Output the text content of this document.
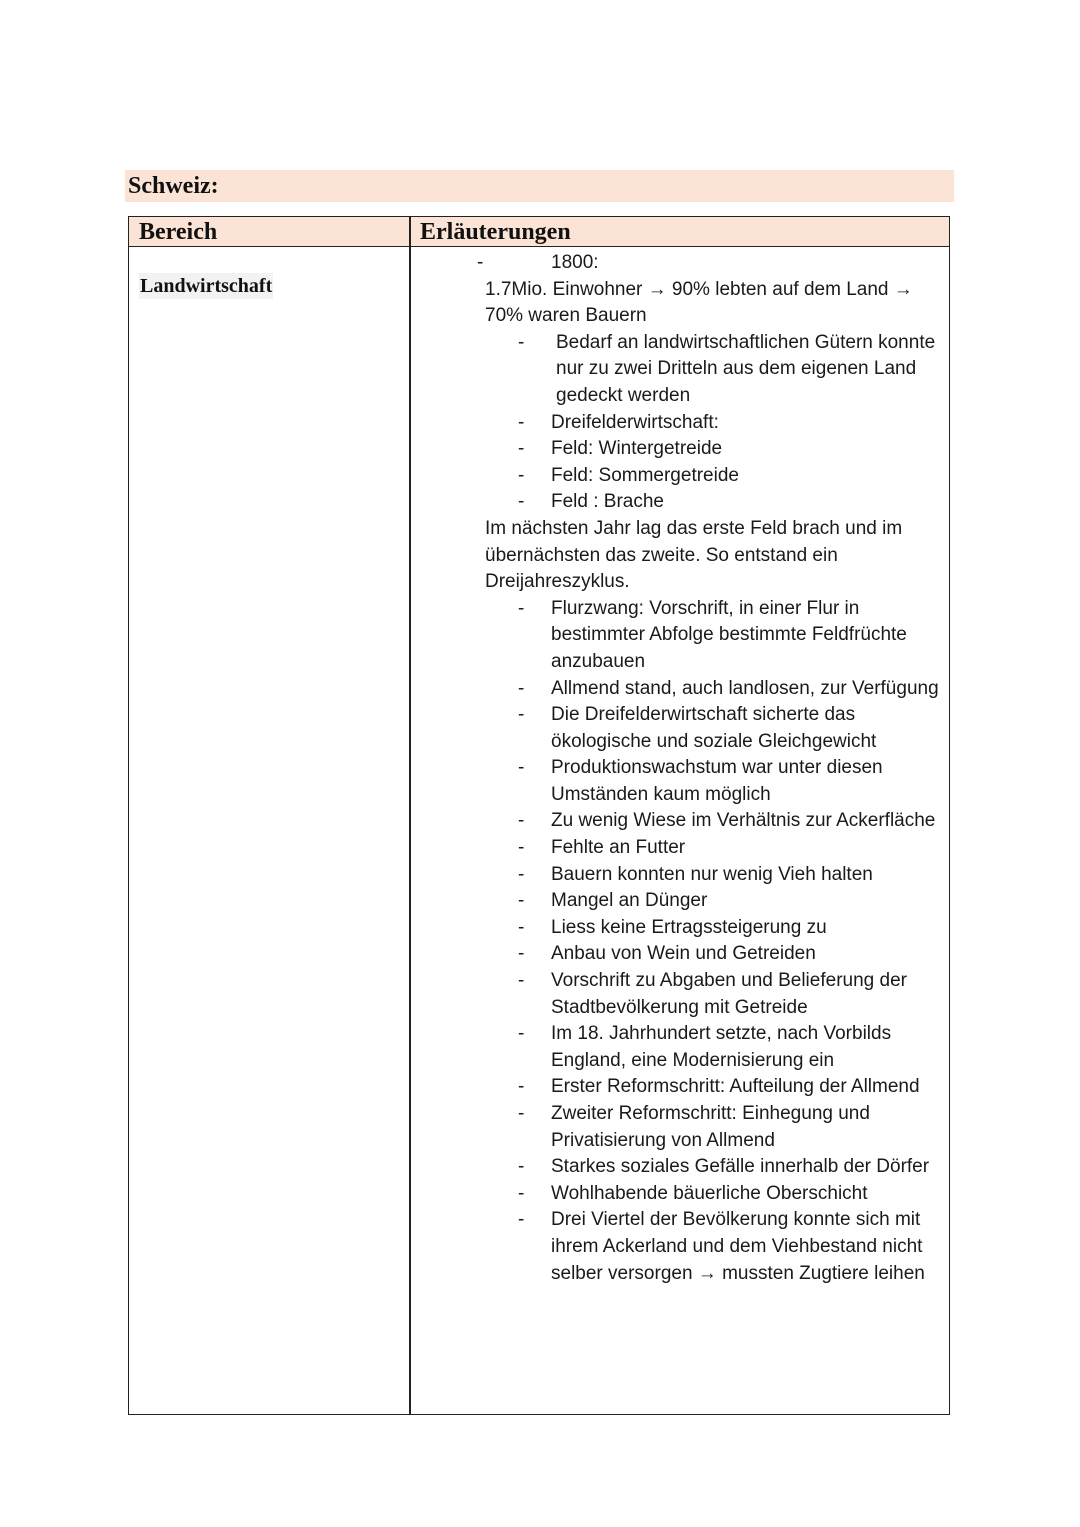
Schweiz:
Bereich	Erläuterungen
Landwirtschaft
-	1800:
1.7Mio. Einwohner → 90% lebten auf dem Land →
70% waren Bauern
- Bedarf an landwirtschaftlichen Gütern konnte nur zu zwei Dritteln aus dem eigenen Land gedeckt werden
- Dreifelderwirtschaft:
- Feld: Wintergetreide
- Feld: Sommergetreide
- Feld : Brache
Im nächsten Jahr lag das erste Feld brach und im übernächsten das zweite. So entstand ein Dreijahreszyklus.
- Flurzwang: Vorschrift, in einer Flur in bestimmter Abfolge bestimmte Feldfrüchte anzubauen
- Allmend stand, auch landlosen, zur Verfügung
- Die Dreifelderwirtschaft sicherte das ökologische und soziale Gleichgewicht
- Produktionswachstum war unter diesen Umständen kaum möglich
- Zu wenig Wiese im Verhältnis zur Ackerfläche
- Fehlte an Futter
- Bauern konnten nur wenig Vieh halten
- Mangel an Dünger
- Liess keine Ertragssteigerung zu
- Anbau von Wein und Getreiden
- Vorschrift zu Abgaben und Belieferung der Stadtbevölkerung mit Getreide
- Im 18. Jahrhundert setzte, nach Vorbilds England, eine Modernisierung ein
- Erster Reformschritt: Aufteilung der Allmend
- Zweiter Reformschritt: Einhegung und Privatisierung von Allmend
- Starkes soziales Gefälle innerhalb der Dörfer
- Wohlhabende bäuerliche Oberschicht
- Drei Viertel der Bevölkerung konnte sich mit ihrem Ackerland und dem Viehbestand nicht selber versorgen → mussten Zugtiere leihen
